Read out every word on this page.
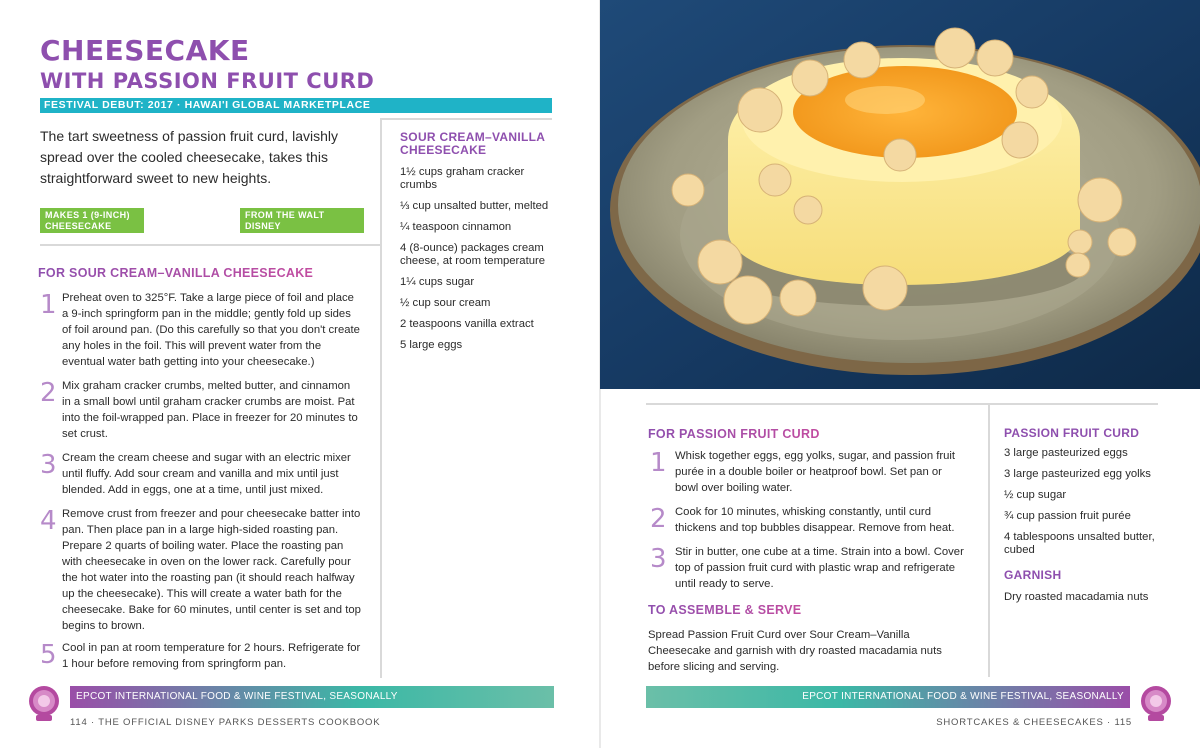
CHEESECAKE
WITH PASSION FRUIT CURD
FESTIVAL DEBUT: 2017 · HAWAI'I GLOBAL MARKETPLACE

The tart sweetness of passion fruit curd, lavishly spread over the cooled cheesecake, takes this straightforward sweet to new heights.

MAKES 1 (9-INCH)
CHEESECAKE
FROM THE WALT DISNEY
WORLD RESORT
FOR SOUR CREAM–VANILLA CHEESECAKE
1 Preheat oven to 325°F. Take a large piece of foil and place a 9-inch springform pan in the middle; gently fold up sides of foil around pan. (Do this carefully so that you don't create any holes in the foil. This will prevent water from the eventual water bath getting into your cheesecake.)
2 Mix graham cracker crumbs, melted butter, and cinnamon in a small bowl until graham cracker crumbs are moist. Pat into the foil-wrapped pan. Place in freezer for 20 minutes to set crust.
3 Cream the cream cheese and sugar with an electric mixer until fluffy. Add sour cream and vanilla and mix until just blended. Add in eggs, one at a time, until just mixed.
4 Remove crust from freezer and pour cheesecake batter into pan. Then place pan in a large high-sided roasting pan. Prepare 2 quarts of boiling water. Place the roasting pan with cheesecake in oven on the lower rack. Carefully pour the hot water into the roasting pan (it should reach halfway up the cheesecake). This will create a water bath for the cheesecake. Bake for 60 minutes, until center is set and top begins to brown.
5 Cool in pan at room temperature for 2 hours. Refrigerate for 1 hour before removing from springform pan.
SOUR CREAM–VANILLA
CHEESECAKE
1½ cups graham cracker crumbs
⅓ cup unsalted butter, melted
¼ teaspoon cinnamon
4 (8-ounce) packages cream cheese, at room temperature
1¼ cups sugar
½ cup sour cream
2 teaspoons vanilla extract
5 large eggs
FOR PASSION FRUIT CURD
1 Whisk together eggs, egg yolks, sugar, and passion fruit purée in a double boiler or heatproof bowl. Set pan or bowl over boiling water.
2 Cook for 10 minutes, whisking constantly, until curd thickens and top bubbles disappear. Remove from heat.
3 Stir in butter, one cube at a time. Strain into a bowl. Cover top of passion fruit curd with plastic wrap and refrigerate until ready to serve.
TO ASSEMBLE & SERVE

Spread Passion Fruit Curd over Sour Cream–Vanilla Cheesecake and garnish with dry roasted macadamia nuts before slicing and serving.

PASSION FRUIT CURD
3 large pasteurized eggs
3 large pasteurized egg yolks
½ cup sugar
¾ cup passion fruit purée
4 tablespoons unsalted butter, cubed
GARNISH
Dry roasted macadamia nuts
EPCOT INTERNATIONAL FOOD & WINE FESTIVAL, SEASONALLY
114 · THE OFFICIAL DISNEY PARKS DESSERTS COOKBOOK
EPCOT INTERNATIONAL FOOD & WINE FESTIVAL, SEASONALLY
SHORTCAKES & CHEESECAKES · 115
